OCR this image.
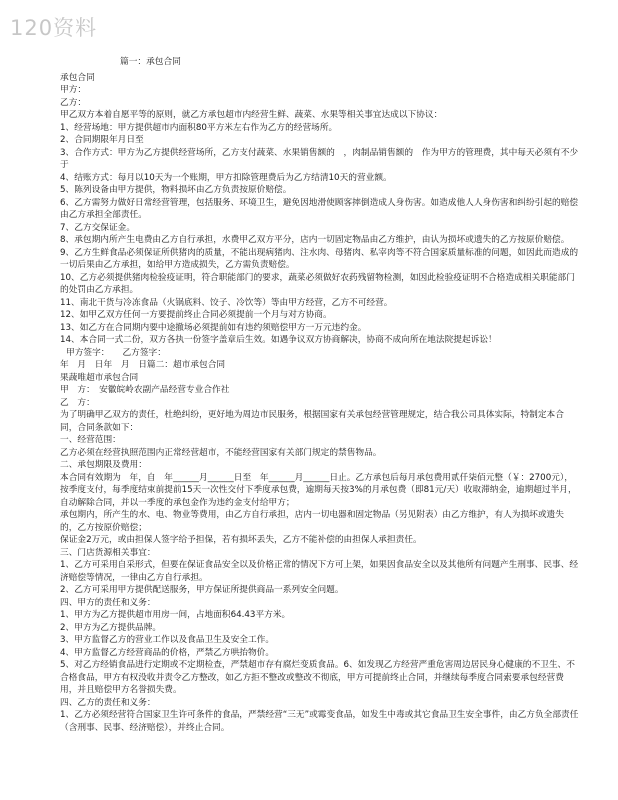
120资料

篇一：承包合同

承包合同

甲方：

乙方：

甲乙双方本着自愿平等的原则，就乙方承包超市内经营生鲜、蔬菜、水果等相关事宜达成以下协议：

1、经营场地：甲方提供超市内面积80平方米左右作为乙方的经营场所。

2、合同期限年月日至

3、合作方式：甲方为乙方提供经营场所，乙方支付蔬菜、水果销售额的　，肉制品销售额的　作为甲方的管理费，其中每天必须有不少于

4、结账方式：每月以10天为一个账期，甲方扣除管理费后为乙方结清10天的营业额。

5、陈列设备由甲方提供，物料损坏由乙方负责按原价赔偿。

6、乙方需努力做好日常经营管理，包括服务、环境卫生，避免因地滑使顾客摔倒造成人身伤害。如造成他人人身伤害和纠纷引起的赔偿由乙方承担全部责任。

7、乙方交保证金。

8、承包期内所产生电费由乙方自行承担，水费甲乙双方平分，店内一切固定物品由乙方维护，由认为损坏或遗失的乙方按原价赔偿。

9、乙方生鲜食品必须保证所供猪肉的质量，不能出现病猪肉、注水肉、母猪肉、私宰肉等不符合国家质量标准的问题，如因此而造成的一切后果由乙方承担，如给甲方造成损失，乙方需负责赔偿。

10、乙方必须提供猪肉检验疫证明，符合职能部门的要求，蔬菜必须做好农药残留物检测，如因此检验疫证明不合格造成相关职能部门的处罚由乙方承担。

11、南北干货与冷冻食品（火锅底料、饺子、冷饮等）等由甲方经营，乙方不可经营。

12、如甲乙双方任何一方要提前终止合同必须提前一个月与对方协商。

13、如乙方在合同期内要中途撤场必须提前如有违约须赔偿甲方一万元违约金。

14、本合同一式二份，双方各执一份签字盖章后生效。如遇争议双方协商解决，协商不成向所在地法院提起诉讼！

甲方签字：　　乙方签字：

年　月　日年　月　日篇二：超市承包合同

果蔬唯超市承包合同

甲　方：　安徽皖岭农副产品经营专业合作社

乙　方：

为了明确甲乙双方的责任，杜绝纠纷，更好地为周边市民服务，根据国家有关承包经营管理规定，结合我公司具体实际，特制定本合同，合同条款如下：

一、经营范围：

乙方必须在经营执照范围内正常经营超市，不能经营国家有关部门规定的禁售物品。

二、承包期限及费用：

本合同有效期为　年，自　年______月______日至　年______月______日止。乙方承包后每月承包费用贰仟柒佰元整（￥：2700元），按季度支付，每季度结束前提前15天一次性交付下季度承包费，逾期每天按3%的月承包费（即81元/天）收取滞纳金，逾期超过半月，自动解除合同，并以一季度的承包金作为违约金支付给甲方；

承包期内，所产生的水、电、物业等费用，由乙方自行承担，店内一切电器和固定物品（另见附表）由乙方维护，有人为损坏或遗失的，乙方按原价赔偿；

保证金2万元，或由担保人签字给予担保，若有损坏丢失，乙方不能补偿的由担保人承担责任。

三、门店货源相关事宜：

1、乙方可采用自采形式，但要在保证食品安全以及价格正常的情况下方可上架，如果因食品安全以及其他所有问题产生刑事、民事、经济赔偿等情况，一律由乙方自行承担。

2、乙方可采用甲方提供配送服务，甲方保证所提供商品一系列安全问题。

四、甲方的责任和义务：

1、甲方为乙方提供超市用房一间，占地面积64.43平方米。

2、甲方为乙方提供品牌。

3、甲方监督乙方的营业工作以及食品卫生及安全工作。

4、甲方监督乙方经营商品的价格，严禁乙方哄抬物价。

5、对乙方经销食品进行定期或不定期检查，严禁超市存有腐烂变质食品。6、如发现乙方经营严重危害周边居民身心健康的不卫生、不合格食品，甲方有权没收并责令乙方整改，如乙方拒不整改或整改不彻底，甲方可提前终止合同，并继续每季度合同索要承包经营费用，并且赔偿甲方名誉损失费。

四、乙方的责任和义务：

1、乙方必须经营符合国家卫生许可条件的食品，严禁经营“三无”或霉变食品，如发生中毒或其它食品卫生安全事件，由乙方负全部责任（含刑事、民事、经济赔偿），并终止合同。
